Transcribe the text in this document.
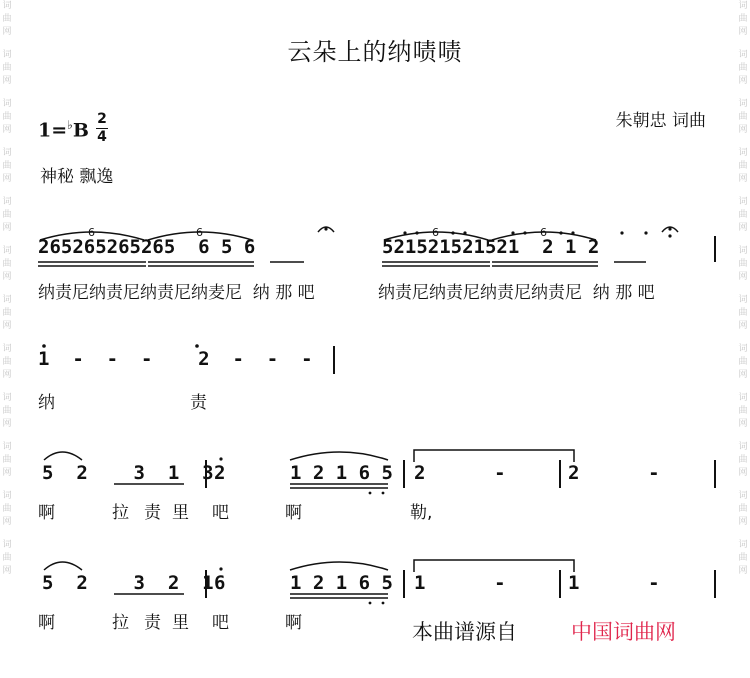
词
曲
网
词
曲
网
词
曲
网
词
曲
网
词
曲
网
词
曲
网
词
曲
网
词
曲
网
词
曲
网
词
曲
网
词
曲
网
词
曲
网
词
曲
网
词
曲
网
词
曲
网
词
曲
网
词
曲
网
词
曲
网
词
曲
网
词
曲
网
词
曲
网
词
曲
网
词
曲
网
词
曲
网
云朵上的纳啧啧
1=♭B
2
4
朱朝忠 词曲
神秘 飘逸
265265265265  6 5 6	521521521521  2 1 2
纳责尼纳责尼纳责尼纳麦尼  纳 那 吧	纳责尼纳责尼纳责尼纳责尼  纳 那 吧
1  -  -  -    2  -  -  -
纳	责
5  2    3  1  3 2	1 2 1 6 5 2      -	2      -
啊	拉 责 里 吧	啊	勒,
5  2    3  2  1 6	1 2 1 6 5 1      -	1      -
啊	拉 责 里 吧	啊
6	6	6	6
本曲谱源自	中国词曲网
